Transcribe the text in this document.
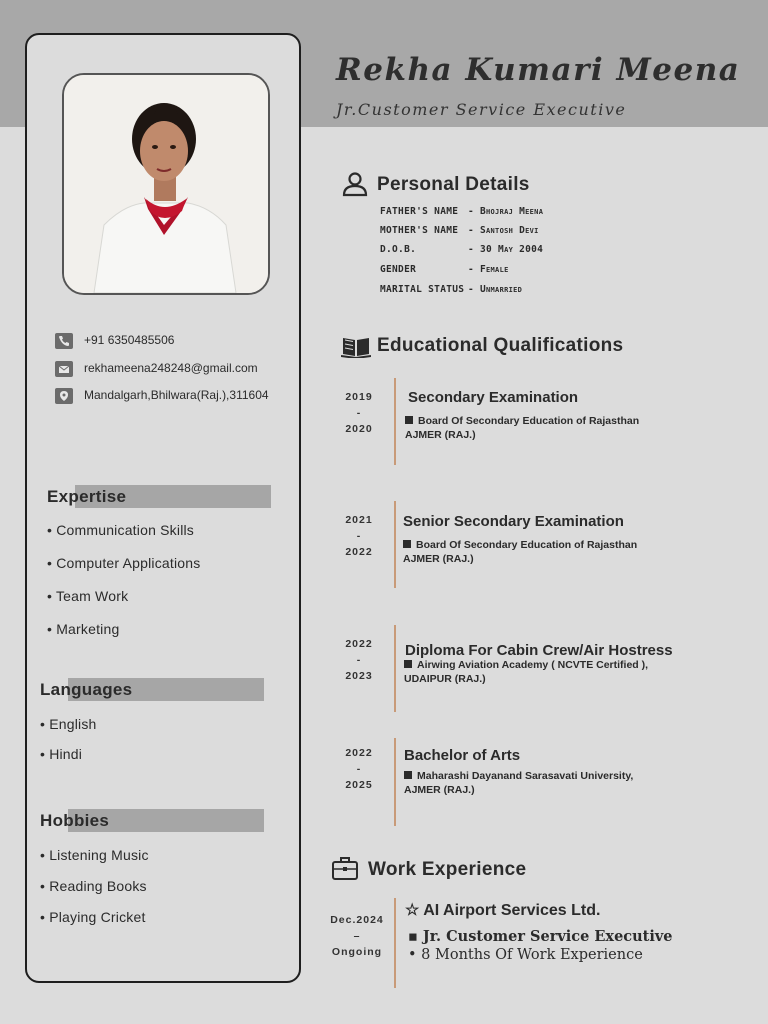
Rekha Kumari Meena
Jr.Customer Service Executive
+91 6350485506
rekhameena248248@gmail.com
Mandalgarh,Bhilwara(Raj.),311604
Expertise
• Communication Skills
• Computer Applications
• Team Work
• Marketing
Languages
• English
• Hindi
Hobbies
• Listening Music
• Reading Books
• Playing Cricket
Personal Details
FATHER'S NAME - Bhojraj Meena
MOTHER'S NAME - Santosh Devi
D.O.B.	- 30 May 2004
GENDER	- Female
MARITAL STATUS - Unmarried
Educational Qualifications
2019
-
2020
Secondary Examination
Board Of Secondary Education of Rajasthan
AJMER (RAJ.)
2021
-
2022
Senior Secondary Examination
Board Of Secondary Education of Rajasthan
AJMER (RAJ.)
2022
-
2023
Diploma For Cabin Crew/Air Hostress
Airwing Aviation Academy ( NCVTE Certified ),
UDAIPUR (RAJ.)
2022
-
2025
Bachelor of Arts
Maharashi Dayanand Sarasavati University,
AJMER (RAJ.)
Work Experience
Dec.2024
–
Ongoing
☆ AI Airport Services Ltd.
▪ Jr. Customer Service Executive
• 8 Months Of Work Experience
